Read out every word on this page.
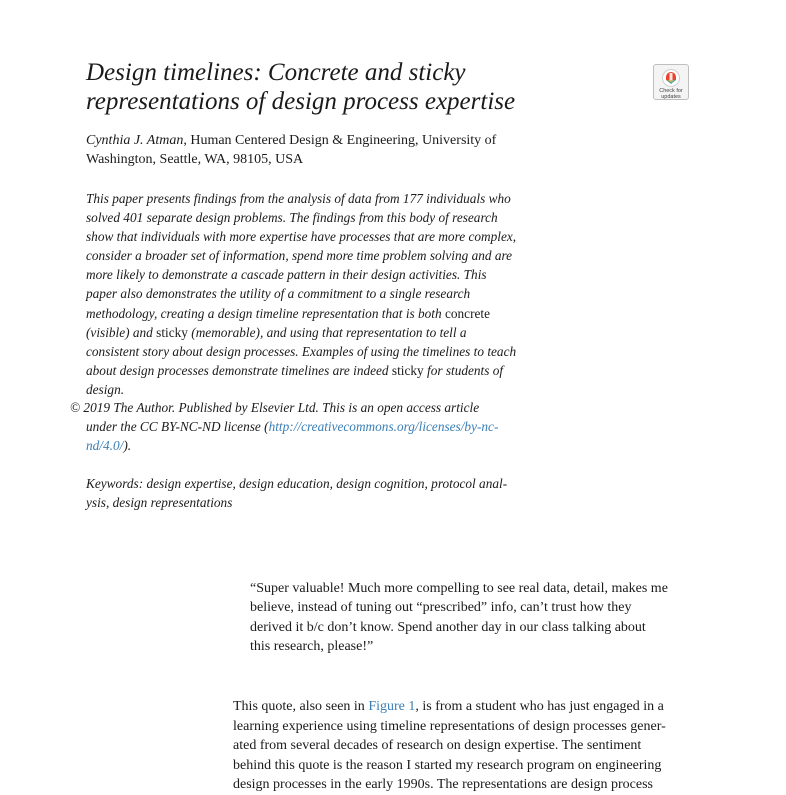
Design timelines: Concrete and sticky
representations of design process expertise	Check for
updates

Cynthia J. Atman, Human Centered Design & Engineering, University of
Washington, Seattle, WA, 98105, USA

This paper presents findings from the analysis of data from 177 individuals who
solved 401 separate design problems. The findings from this body of research
show that individuals with more expertise have processes that are more complex,
consider a broader set of information, spend more time problem solving and are
more likely to demonstrate a cascade pattern in their design activities. This
paper also demonstrates the utility of a commitment to a single research
methodology, creating a design timeline representation that is both concrete
(visible) and sticky (memorable), and using that representation to tell a
consistent story about design processes. Examples of using the timelines to teach
about design processes demonstrate timelines are indeed sticky for students of
design.

© 2019 The Author. Published by Elsevier Ltd. This is an open access article
under the CC BY-NC-ND license (http://creativecommons.org/licenses/by-nc-
nd/4.0/).

Keywords: design expertise, design education, design cognition, protocol anal-
ysis, design representations

“Super valuable! Much more compelling to see real data, detail, makes me
believe, instead of tuning out “prescribed” info, can’t trust how they
derived it b/c don’t know. Spend another day in our class talking about
this research, please!”

This quote, also seen in Figure 1, is from a student who has just engaged in a
learning experience using timeline representations of design processes gener-
ated from several decades of research on design expertise. The sentiment
behind this quote is the reason I started my research program on engineering
design processes in the early 1990s. The representations are design process
